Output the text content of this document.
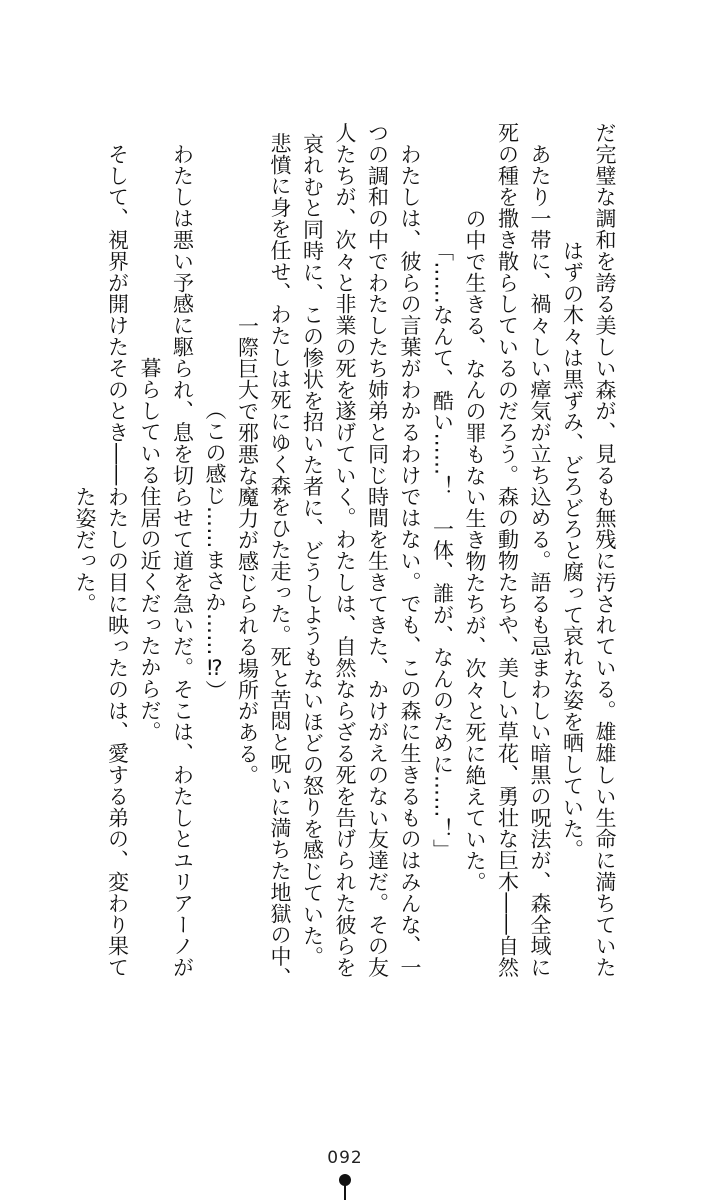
だ完璧な調和を誇る美しい森が、見るも無残に汚されている。雄雄しい生命に満ちていた
はずの木々は黒ずみ、どろどろと腐って哀れな姿を晒していた。
　あたり一帯に、禍々しい瘴気が立ち込める。語るも忌まわしい暗黒の呪法が、森全域に
死の種を撒き散らしているのだろう。森の動物たちや、美しい草花、勇壮な巨木――自然
の中で生きる、なんの罪もない生き物たちが、次々と死に絶えていた。
「……なんて、酷い……！　一体、誰が、なんのために……！」
　わたしは、彼らの言葉がわかるわけではない。でも、この森に生きるものはみんな、一
つの調和の中でわたしたち姉弟と同じ時間を生きてきた、かけがえのない友達だ。その友
人たちが、次々と非業の死を遂げていく。わたしは、自然ならざる死を告げられた彼らを
哀れむと同時に、この惨状を招いた者に、どうしようもないほどの怒りを感じていた。
　悲憤に身を任せ、わたしは死にゆく森をひた走った。死と苦悶と呪いに満ちた地獄の中、
一際巨大で邪悪な魔力が感じられる場所がある。
（この感じ……まさか……⁉）
　わたしは悪い予感に駆られ、息を切らせて道を急いだ。そこは、わたしとユリアーノが
暮らしている住居の近くだったからだ。
　そして、視界が開けたそのとき――わたしの目に映ったのは、愛する弟の、変わり果て
た姿だった。
092
